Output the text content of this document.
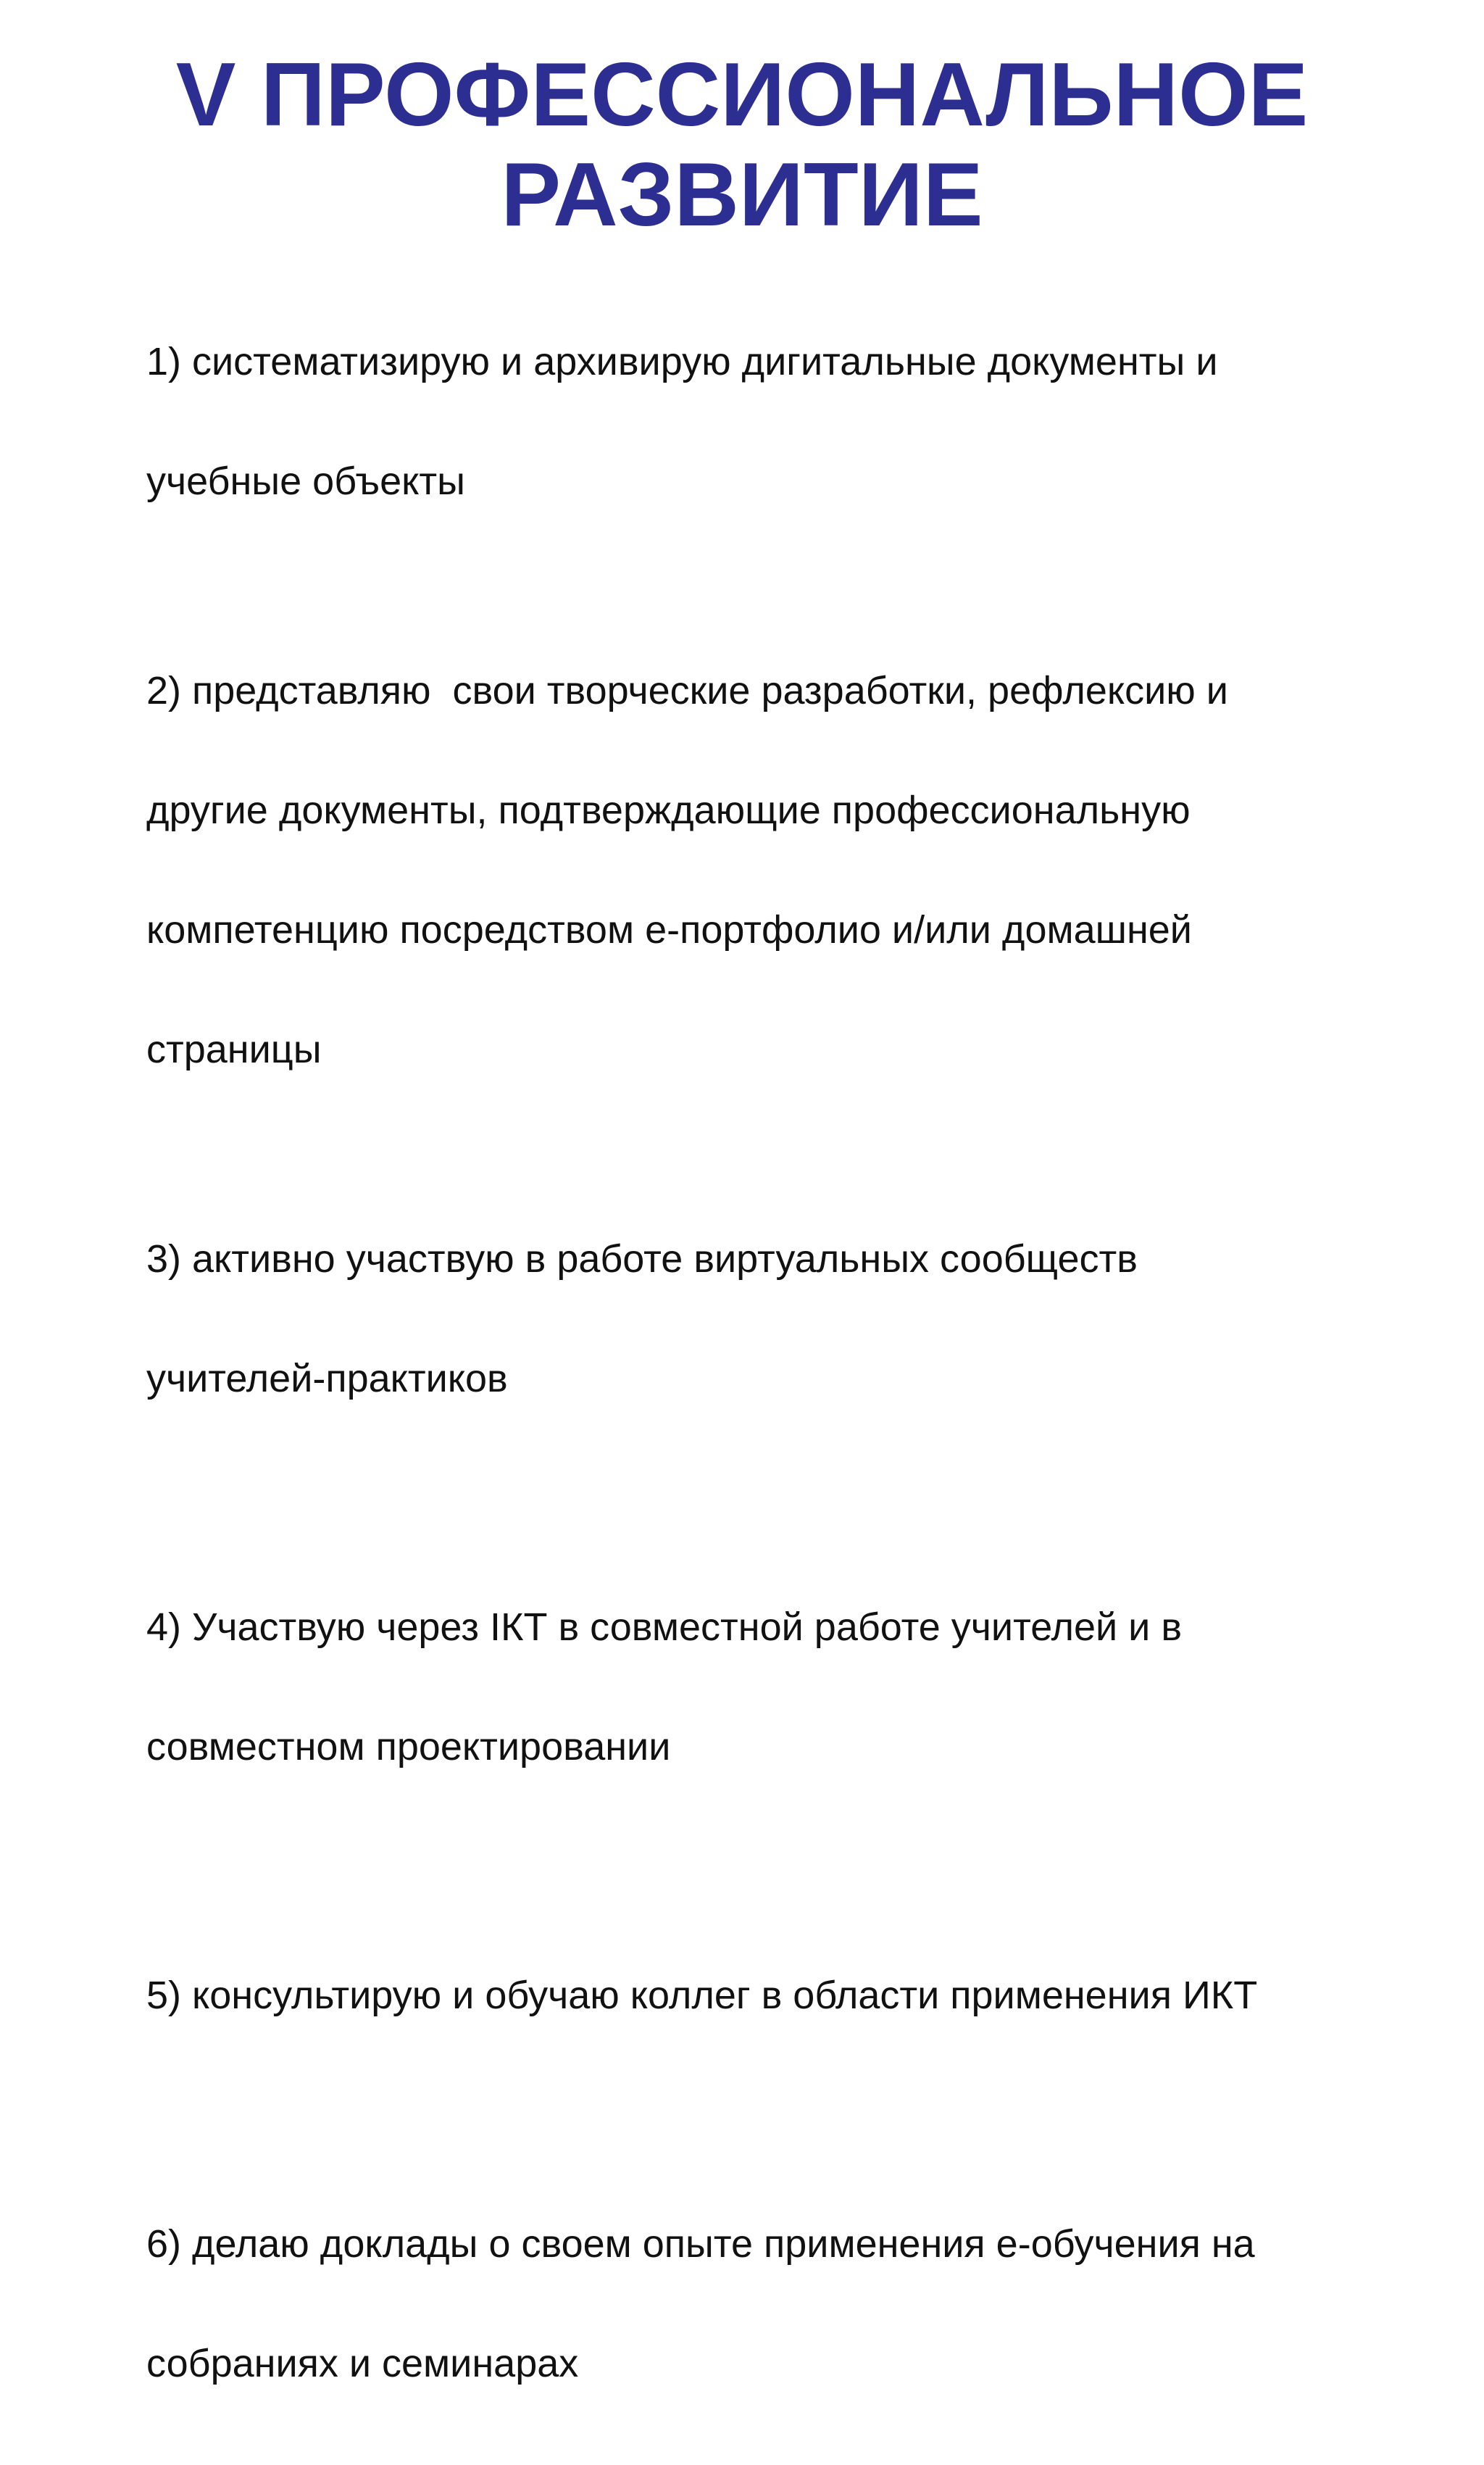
V ПРОФЕССИОНАЛЬНОЕ
РАЗВИТИЕ

1) систематизирую и архивирую дигитальные документы и

учебные объекты

2) представляю  свои творческие разработки, рефлексию и

другие документы, подтверждающие профессиональную

компетенцию посредством е-портфолио и/или домашней

страницы

3) активно участвую в работе виртуальных сообществ

учителей-практиков

4) Участвую через IКТ в совместной работе учителей и в

совместном проектировании

5) консультирую и обучаю коллег в области применения ИКТ

6) делаю доклады о своем опыте применения е-обучения на

собраниях и семинарах
